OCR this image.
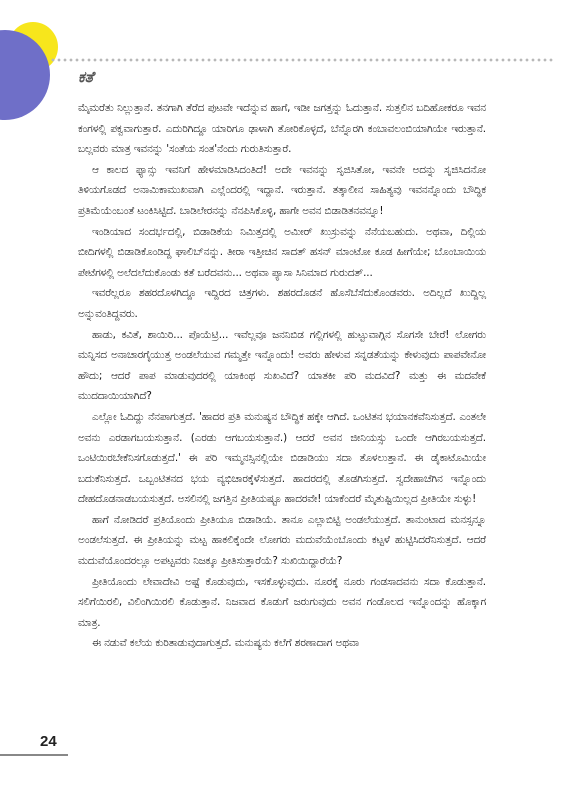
ಕತೆ

ಮೈಮರೆತು ನಿಲ್ಲುತ್ತಾನೆ. ತನಗಾಗಿ ತೆರೆದ ಪುಟವೇ ಇದೆನ್ನುವ ಹಾಗೆ, ಇಡೀ ಜಗತ್ತನ್ನು ಓದುತ್ತಾನೆ. ಸುತ್ತಲಿನ ಬದಿಹೋಕರೂ ಇವನ ಕಂಗಳಲ್ಲಿ ಪಕ್ವವಾಗುತ್ತಾರೆ. ಎದುರಿಗಿದ್ದೂ ಯಾರಿಗೂ ಢಾಳಾಗಿ ತೋರಿಕೊಳ್ಳದೆ, ಬೆನ್ನೊರಗಿ ಕಂಬಾವಲಂಬಿಯಾಗಿಯೇ ಇರುತ್ತಾನೆ. ಬಲ್ಲವರು ಮಾತ್ರ ಇವನನ್ನು 'ಸಂತೆಯ ಸಂತ'ನೆಂದು ಗುರುತಿಸುತ್ತಾರೆ.

ಆ ಕಾಲದ ಫ್ಯಾನ್ಸು ಇವನಿಗೆ ಹೇಳಮಾಡಿಸಿದಂತಿದೆ! ಅದೇ ಇವನನ್ನು ಸೃಜಿಸಿತೋ, ಇವನೇ ಅದನ್ನು ಸೃಜಿಸಿದನೋ ತಿಳಿಯಗೊಡದೆ ಅನಾಮಿಕಾಮುಖವಾಗಿ ಎಲ್ಲೆಂದರಲ್ಲಿ ಇದ್ದಾನೆ. ಇರುತ್ತಾನೆ. ತತ್ಕಾಲೀನ ಸಾಹಿತ್ಯವು ಇವನನ್ನೊಂದು ಬೌದ್ಧಿಕ ಪ್ರತಿಮೆಯೆಂಬಂತೆ ಟಂಕಿಸಿಟ್ಟಿದೆ. ಬಾಡಿಲೇರನನ್ನು ನೆನಪಿಸಿಕೊಳ್ಳಿ, ಹಾಗೇ ಅವನ ಬಿಡಾಡಿತನವನ್ನೂ!

ಇಂಡಿಯಾದ ಸಂದರ್ಭದಲ್ಲಿ, ಬಿಡಾಡಿಕೆಯ ನಿಮಿತ್ತದಲ್ಲಿ ಅಮೀರ್ ಖುಸ್ರುವನ್ನು ನೆನೆಯಬಹುದು. ಅಥವಾ, ದಿಲ್ಲಿಯ ಬೀದಿಗಳಲ್ಲಿ ಬಿಡಾಡಿಕೊಂಡಿದ್ದ ಘಾಲಿಬ್‌ನನ್ನು. ತೀರಾ ಇತ್ತೀಚಿನ ಸಾದತ್ ಹಸನ್ ಮಾಂಟೋ ಕೂಡ ಹೀಗೆಯೇ; ಬೊಂಬಾಯಿಯ ಪೇಟೆಗಳಲ್ಲಿ ಅಲೆದಲೆದುಕೊಂಡು ಕತೆ ಬರೆದವನು... ಅಥವಾ ಪ್ಯಾಸಾ ಸಿನಿಮಾದ ಗುರುದತ್...

ಇವರೆಲ್ಲರೂ ಶಹರದೊಳಗಿದ್ದೂ ಇದ್ದಿರದ ಚಿತ್ರಗಳು. ಶಹರದೊಡನೆ ಹೊಸೆಬೆಸೆದುಕೊಂಡವರು. ಅದಿಲ್ಲದೆ ಖುದ್ದಿಲ್ಲ ಅನ್ನುವಂತಿದ್ದವರು.

ಹಾಡು, ಕವಿತೆ, ಶಾಯಿರಿ... ಪೊಯೆಟ್ರಿ... ಇವೆಲ್ಲವೂ ಜನನಿಬಿಡ ಗಲ್ಲಿಗಳಲ್ಲಿ ಹುಟ್ಟುವಾಗ್ಗಿನ ಸೊಗಸೇ ಬೇರೆ! ಲೋಗರು ಮನ್ನಿಸದ ಅನಾಚಾರಗೈಯುತ್ತ ಅಂಡಲೆಯುವ ಗಮ್ಮತ್ತೇ ಇನ್ನೊಂದು! ಅವರು ಹೇಳುವ ಸನ್ನಡತೆಯನ್ನು ಕೇಳುವುದು ಪಾಪವೇನೋ ಹೌದು; ಆದರೆ ಪಾಪ ಮಾಡುವುದರಲ್ಲಿ ಯಾಕಿಂಥ ಸುಖವಿದೆ? ಯಾತಕೀ ಪರಿ ಮದವಿದೆ? ಮತ್ತು ಈ ಮದವೇಕೆ ಮುದದಾಯಿಯಾಗಿದೆ?

ಎಲ್ಲೋ ಓದಿದ್ದು ನೆನಪಾಗುತ್ತದೆ. 'ಹಾದರ ಪ್ರತಿ ಮನುಷ್ಯನ ಬೌದ್ಧಿಕ ಹಕ್ಕೇ ಆಗಿದೆ. ಒಂಟಿತನ ಭಯಾನಕವೆನಿಸುತ್ತದೆ. ಎಂತಲೇ ಅವನು ಎರಡಾಗಬಯಸುತ್ತಾನೆ. (ಎರಡು ಆಗಬಯಸುತ್ತಾನೆ.) ಆದರೆ ಅವನ ಜೀನಿಯಸ್ಸು ಒಂದೇ ಆಗಿರಬಯಸುತ್ತದೆ. ಒಂಟಿಯಿರಬೇಕೆನಿಸಗೊಡುತ್ತದೆ.' ಈ ಪರಿ ಇಮ್ಮನಸ್ಸಿನಲ್ಲಿಯೇ ಬಿಡಾಡಿಯು ಸದಾ ತೊಳಲುತ್ತಾನೆ. ಈ ಡೈಕಾಟೊಮಿಯೇ ಬದುಕೆನಿಸುತ್ತದೆ. ಒಬ್ಬಂಟಿತನದ ಭಯ ವ್ಯಭಿಚಾರಕ್ಕೆಳೆಸುತ್ತದೆ. ಹಾದರದಲ್ಲಿ ತೊಡಗಿಸುತ್ತದೆ. ಸ್ವದೇಹಾಚೆಗಿನ ಇನ್ನೊಂದು ದೇಹದೊಡನಾಡಬಯಸುತ್ತದೆ. ಅಸಲಿನಲ್ಲಿ ಜಗತ್ತಿನ ಪ್ರೀತಿಯಷ್ಟೂ ಹಾದರವೇ! ಯಾಕೆಂದರೆ ಮೈತುಷ್ಟಿಯಿಲ್ಲದ ಪ್ರೀತಿಯೇ ಸುಳ್ಳು!

ಹಾಗೆ ನೋಡಿದರೆ ಪ್ರತಿಯೊಂದು ಪ್ರೀತಿಯೂ ಬಿಡಾಡಿಯೆ. ತಾನೂ ಎಲ್ಲಾಬಿಟ್ಟಿ ಅಂಡಲೆಯುತ್ತದೆ. ತಾನುಂಟಾದ ಮನಸ್ಸನ್ನೂ ಅಂಡಲೆಸುತ್ತದೆ. ಈ ಪ್ರೀತಿಯನ್ನು ಮಟ್ಟ ಹಾಕಲಿಕ್ಕೆಂದೇ ಲೋಗರು ಮದುವೆಯೆಂಬೊಂದು ಕಟ್ಟಳೆ ಹುಟ್ಟಿಸಿದರೆನಿಸುತ್ತದೆ. ಆದರೆ ಮದುವೆಯೊಂದರಲ್ಲೂ ಅಪಟ್ಟವರು ನಿಜಕ್ಕೂ ಪ್ರೀತಿಸುತ್ತಾರೆಯೆ? ಸುಖಿಯಿದ್ದಾರೆಯೆ?

ಪ್ರೀತಿಯೊಂದು ಲೇವಾದೇವಿ ಅಷ್ಟೆ ಕೊಡುವುದು, ಇಸಕೊಳ್ಳುವುದು. ನೂರಕ್ಕೆ ನೂರು ಗಂಡಸಾದವನು ಸದಾ ಕೊಡುತ್ತಾನೆ. ಸಲಿಗೆಯಿರಲಿ, ವಿಲಿಂಗಿಯಿರಲಿ ಕೊಡುತ್ತಾನೆ. ನಿಜವಾದ ಕೊಡುಗೆ ಜರುಗುವುದು ಅವನ ಗಂಡೊಲದ ಇನ್ನೊಂದನ್ನು ಹೊಕ್ಕಾಗ ಮಾತ್ರ.

ಈ ನಡುವೆ ಕಲೆಯ ಕುರಿತಾಡುವುದಾಗುತ್ತದೆ. ಮನುಷ್ಯನು ಕಲೆಗೆ ಶರಣಾದಾಗ ಅಥವಾ

24
